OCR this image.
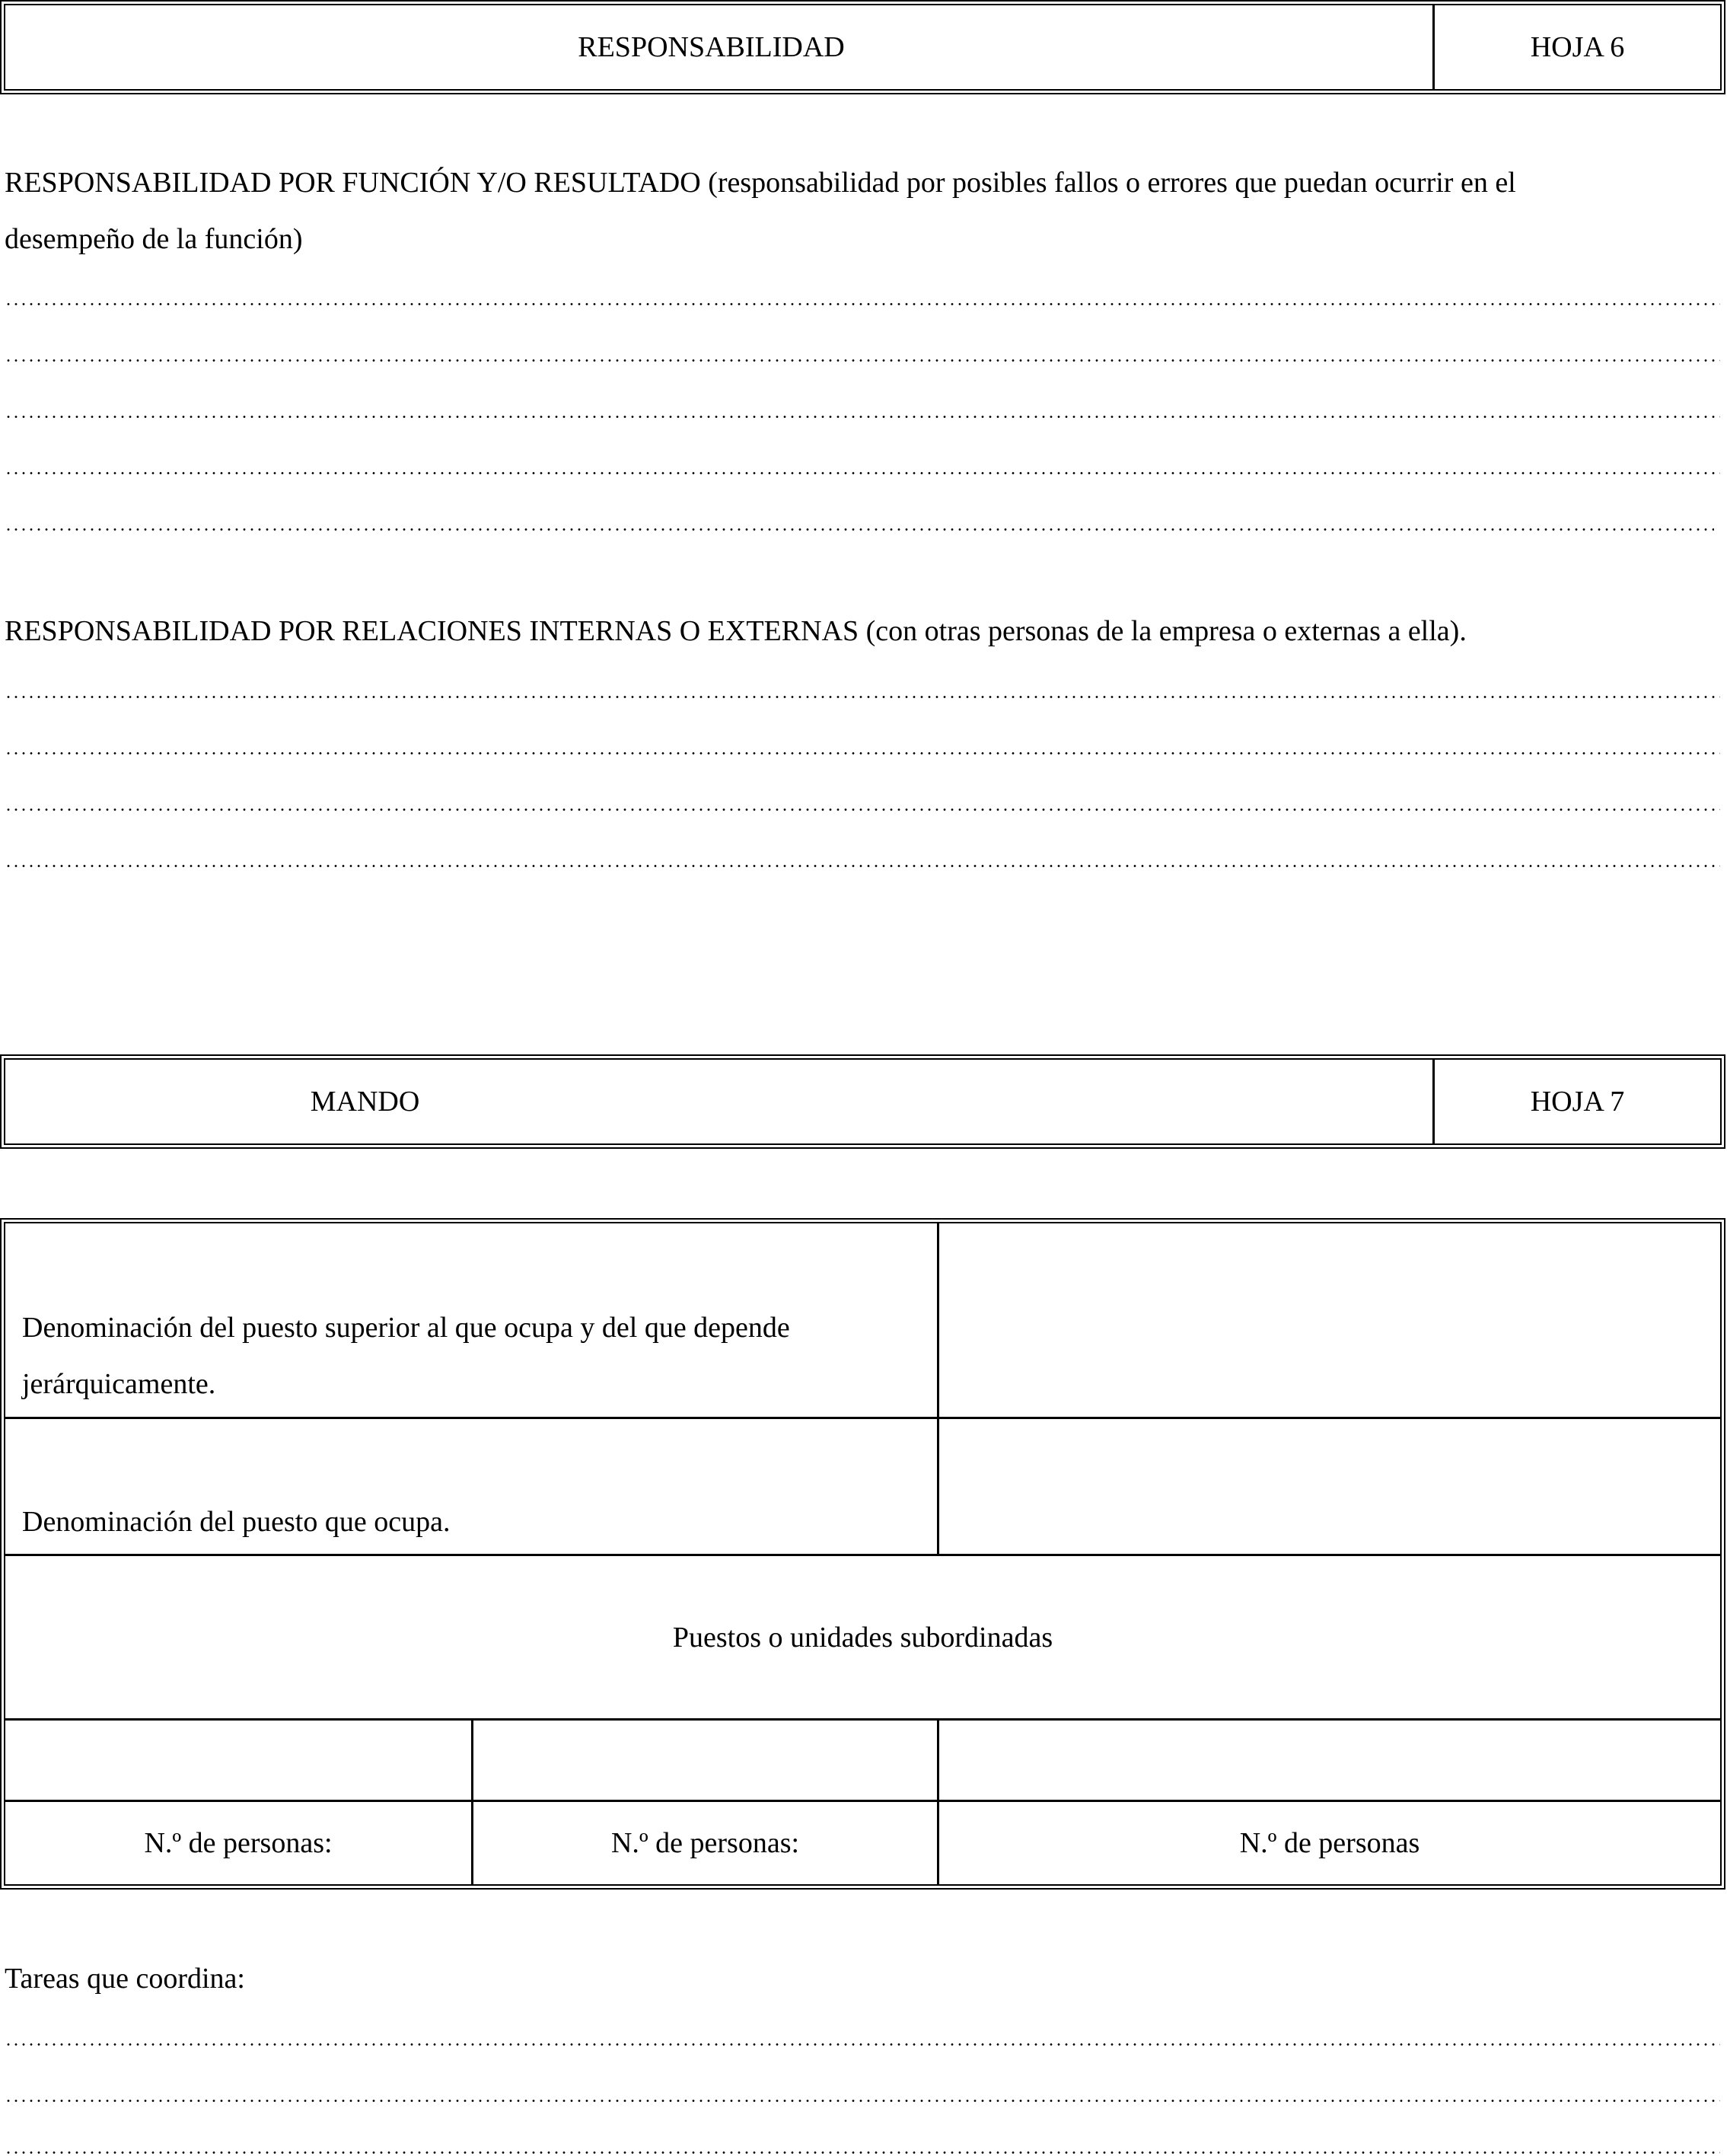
RESPONSABILIDAD	HOJA 6
RESPONSABILIDAD POR FUNCIÓN Y/O RESULTADO (responsabilidad por posibles fallos o errores que puedan ocurrir en el
desempeño de la función)
RESPONSABILIDAD POR RELACIONES INTERNAS O EXTERNAS (con otras personas de la empresa o externas a ella).
MANDO	HOJA 7
Denominación del puesto superior al que ocupa y del que depende
jerárquicamente.
Denominación del puesto que ocupa.
Puestos o unidades subordinadas
N.º de personas:	N.º de personas:	N.º de personas
Tareas que coordina:
